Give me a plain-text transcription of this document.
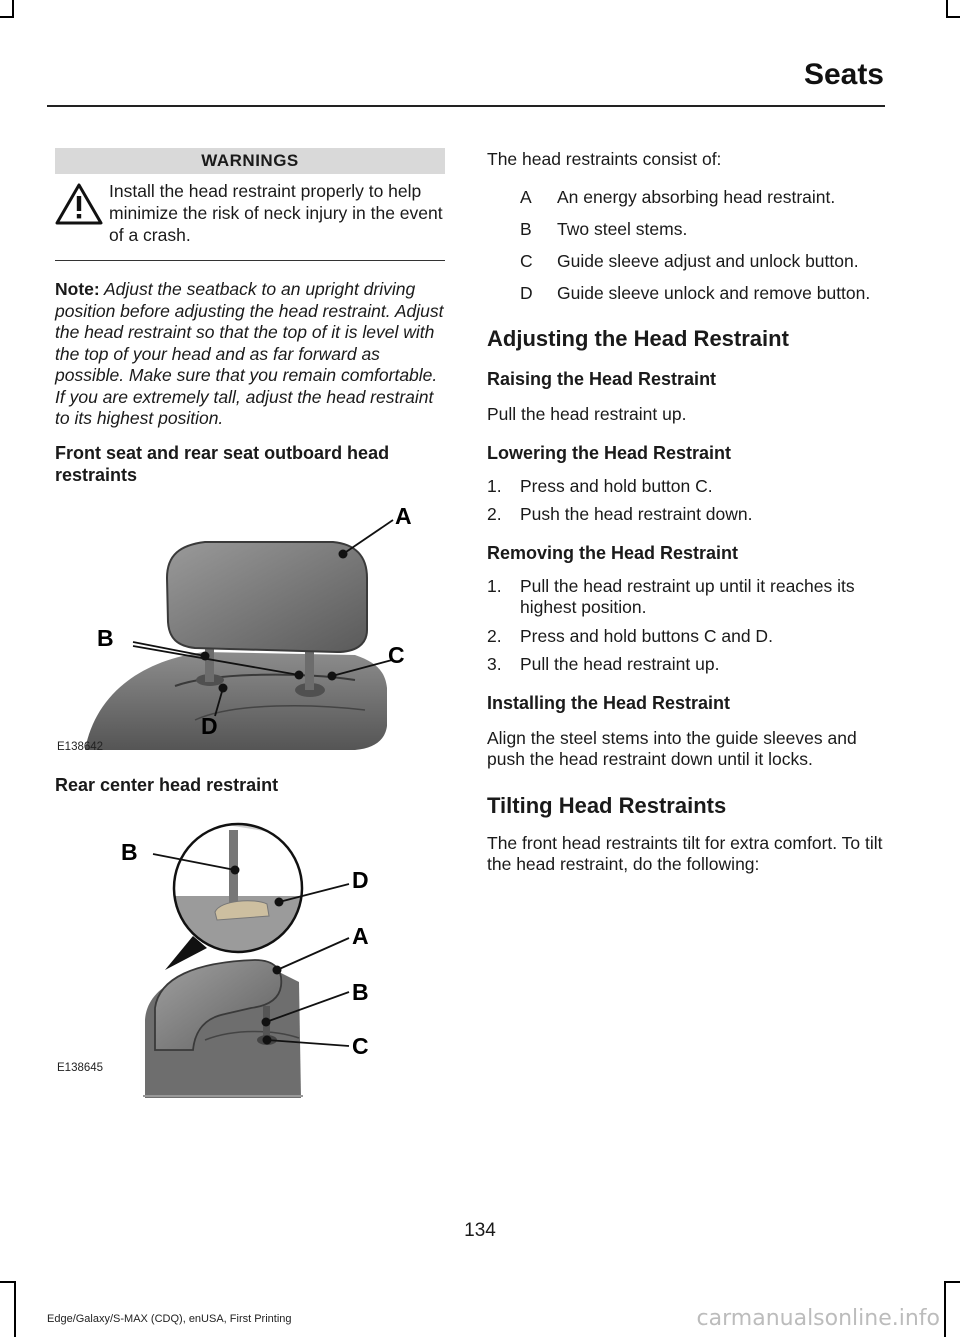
Seats
WARNINGS
Install the head restraint properly to help minimize the risk of neck injury in the event of a crash.

Note: Adjust the seatback to an upright driving position before adjusting the head restraint. Adjust the head restraint so that the top of it is level with the top of your head and as far forward as possible. Make sure that you remain comfortable. If you are extremely tall, adjust the head restraint to its highest position.

Front seat and rear seat outboard head restraints

A
B
C
D
E138642

Rear center head restraint

B
D
A
B
C
E138645

The head restraints consist of:

A	An energy absorbing head restraint.
B	Two steel stems.
C	Guide sleeve adjust and unlock button.
D	Guide sleeve unlock and remove button.

Adjusting the Head Restraint

Raising the Head Restraint

Pull the head restraint up.

Lowering the Head Restraint

1.	Press and hold button C.
2.	Push the head restraint down.

Removing the Head Restraint

1.	Pull the head restraint up until it reaches its highest position.
2.	Press and hold buttons C and D.
3.	Pull the head restraint up.

Installing the Head Restraint

Align the steel stems into the guide sleeves and push the head restraint down until it locks.

Tilting Head Restraints

The front head restraints tilt for extra comfort. To tilt the head restraint, do the following:

134
Edge/Galaxy/S-MAX (CDQ), enUSA, First Printing	carmanualsonline.info
